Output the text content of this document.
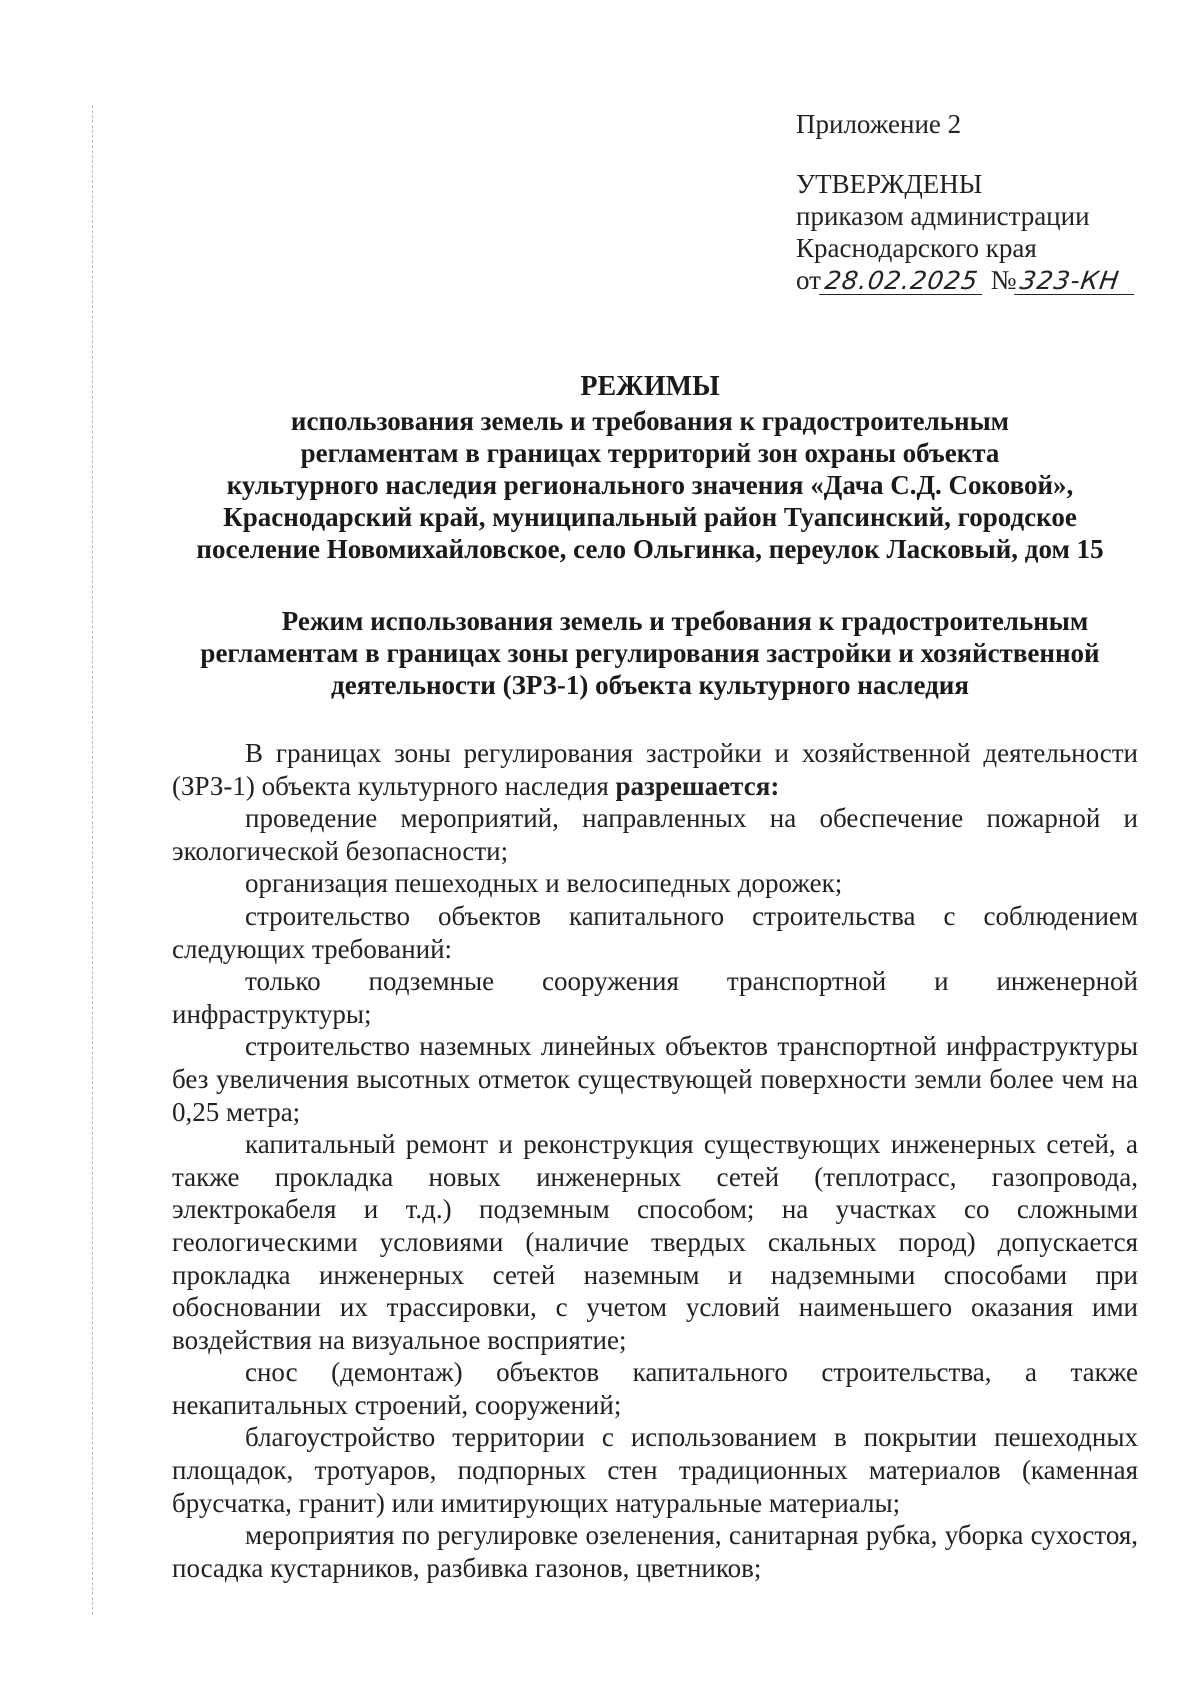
Приложение 2
УТВЕРЖДЕНЫ
приказом администрации
Краснодарского края
от28.02.2025 №323-КН
РЕЖИМЫ
использования земель и требования к градостроительным
регламентам в границах территорий зон охраны объекта
культурного наследия регионального значения «Дача С.Д. Соковой»,
Краснодарский край, муниципальный район Туапсинский, городское
поселение Новомихайловское, село Ольгинка, переулок Ласковый, дом 15
Режим использования земель и требования к градостроительным
регламентам в границах зоны регулирования застройки и хозяйственной
деятельности (ЗРЗ-1) объекта культурного наследия

В границах зоны регулирования застройки и хозяйственной деятельности (ЗРЗ-1) объекта культурного наследия разрешается:

проведение мероприятий, направленных на обеспечение пожарной и экологической безопасности;

организация пешеходных и велосипедных дорожек;

строительство объектов капитального строительства с соблюдением следующих требований:

только подземные сооружения транспортной и инженерной инфраструктуры;

строительство наземных линейных объектов транспортной инфраструктуры без увеличения высотных отметок существующей поверхности земли более чем на 0,25 метра;

капитальный ремонт и реконструкция существующих инженерных сетей, а также прокладка новых инженерных сетей (теплотрасс, газопровода, электрокабеля и т.д.) подземным способом; на участках со сложными геологическими условиями (наличие твердых скальных пород) допускается прокладка инженерных сетей наземным и надземными способами при обосновании их трассировки, с учетом условий наименьшего оказания ими воздействия на визуальное восприятие;

снос (демонтаж) объектов капитального строительства, а также некапитальных строений, сооружений;

благоустройство территории с использованием в покрытии пешеходных площадок, тротуаров, подпорных стен традиционных материалов (каменная брусчатка, гранит) или имитирующих натуральные материалы;

мероприятия по регулировке озеленения, санитарная рубка, уборка сухостоя, посадка кустарников, разбивка газонов, цветников;
